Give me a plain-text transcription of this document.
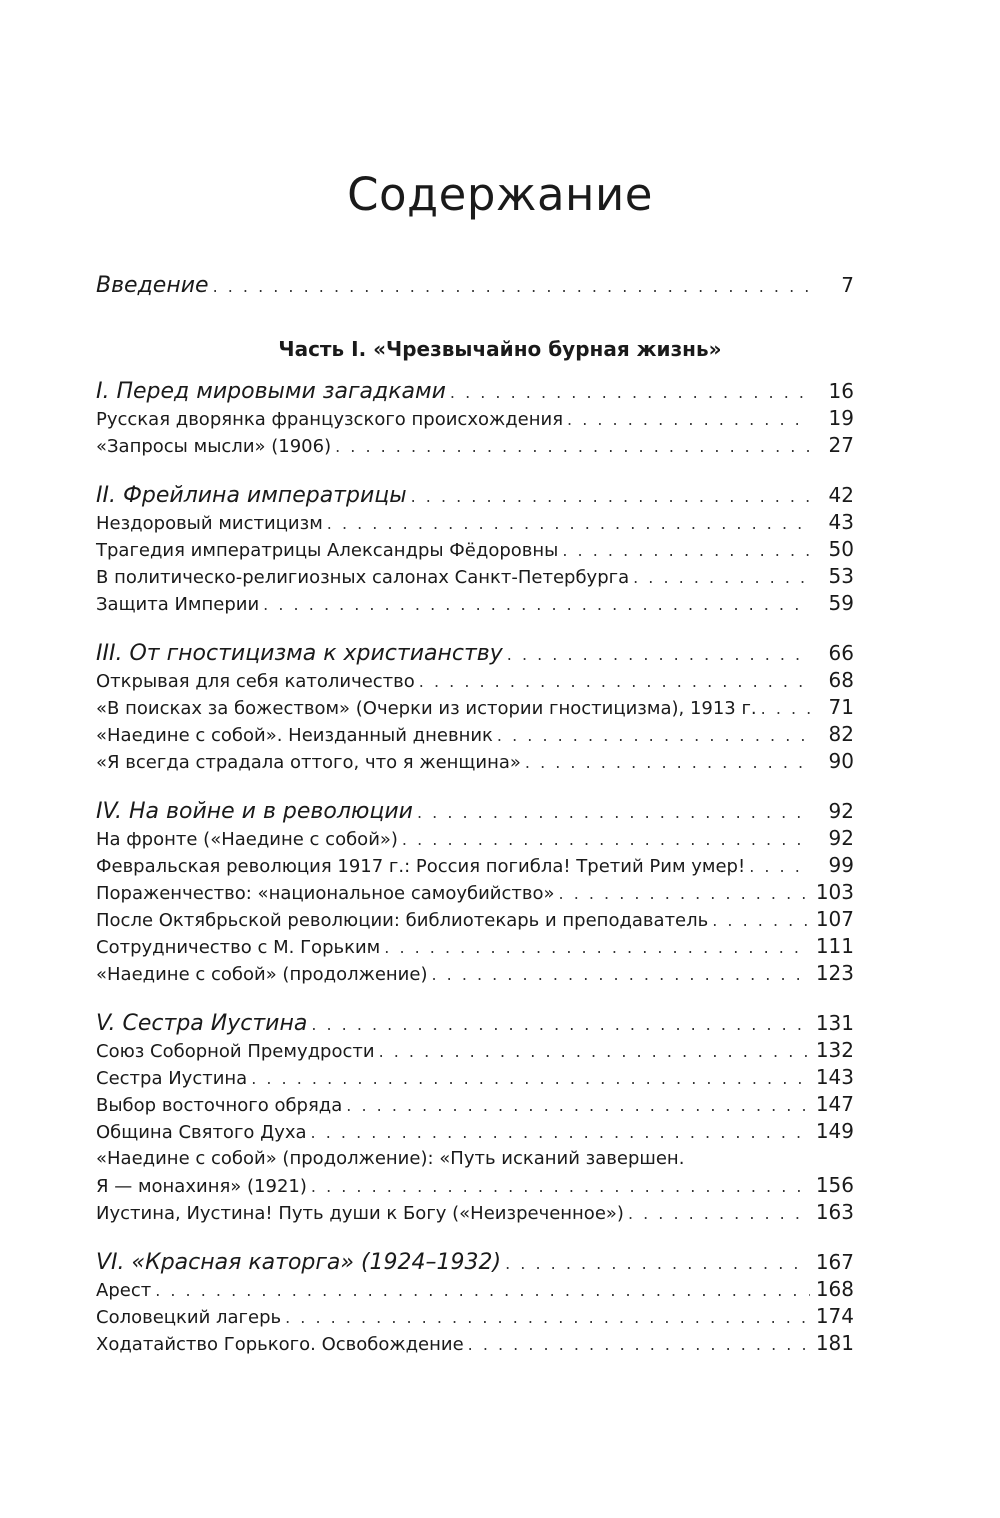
Содержание
Введение . . .	7
Часть I. «Чрезвычайно бурная жизнь»
I. Перед мировыми загадками . . .	16
Русская дворянка французского происхождения . . .	19
«Запросы мысли» (1906) . . .	27
II. Фрейлина императрицы . . .	42
Нездоровый мистицизм . . .	43
Трагедия императрицы Александры Фёдоровны . . .	50
В политическо-религиозных салонах Санкт-Петербурга . . .	53
Защита Империи . . .	59
III. От гностицизма к христианству . . .	66
Открывая для себя католичество . . .	68
«В поисках за божеством» (Очерки из истории гностицизма), 1913 г. . . .	71
«Наедине с собой». Неизданный дневник . . .	82
«Я всегда страдала оттого, что я женщина» . . .	90
IV. На войне и в революции . . .	92
На фронте («Наедине с собой») . . .	92
Февральская революция 1917 г.: Россия погибла! Третий Рим умер! . . .	99
Пораженчество: «национальное самоубийство» . . .	103
После Октябрьской революции: библиотекарь и преподаватель . . .	107
Сотрудничество с М. Горьким . . .	111
«Наедине с собой» (продолжение) . . .	123
V. Сестра Иустина . . .	131
Союз Соборной Премудрости . . .	132
Сестра Иустина . . .	143
Выбор восточного обряда . . .	147
Община Святого Духа . . .	149
«Наедине с собой» (продолжение): «Путь исканий завершен.
Я — монахиня» (1921) . . .	156
Иустина, Иустина! Путь души к Богу («Неизреченное») . . .	163
VI. «Красная каторга» (1924–1932) . . .	167
Арест . . .	168
Соловецкий лагерь . . .	174
Ходатайство Горького. Освобождение . . .	181
